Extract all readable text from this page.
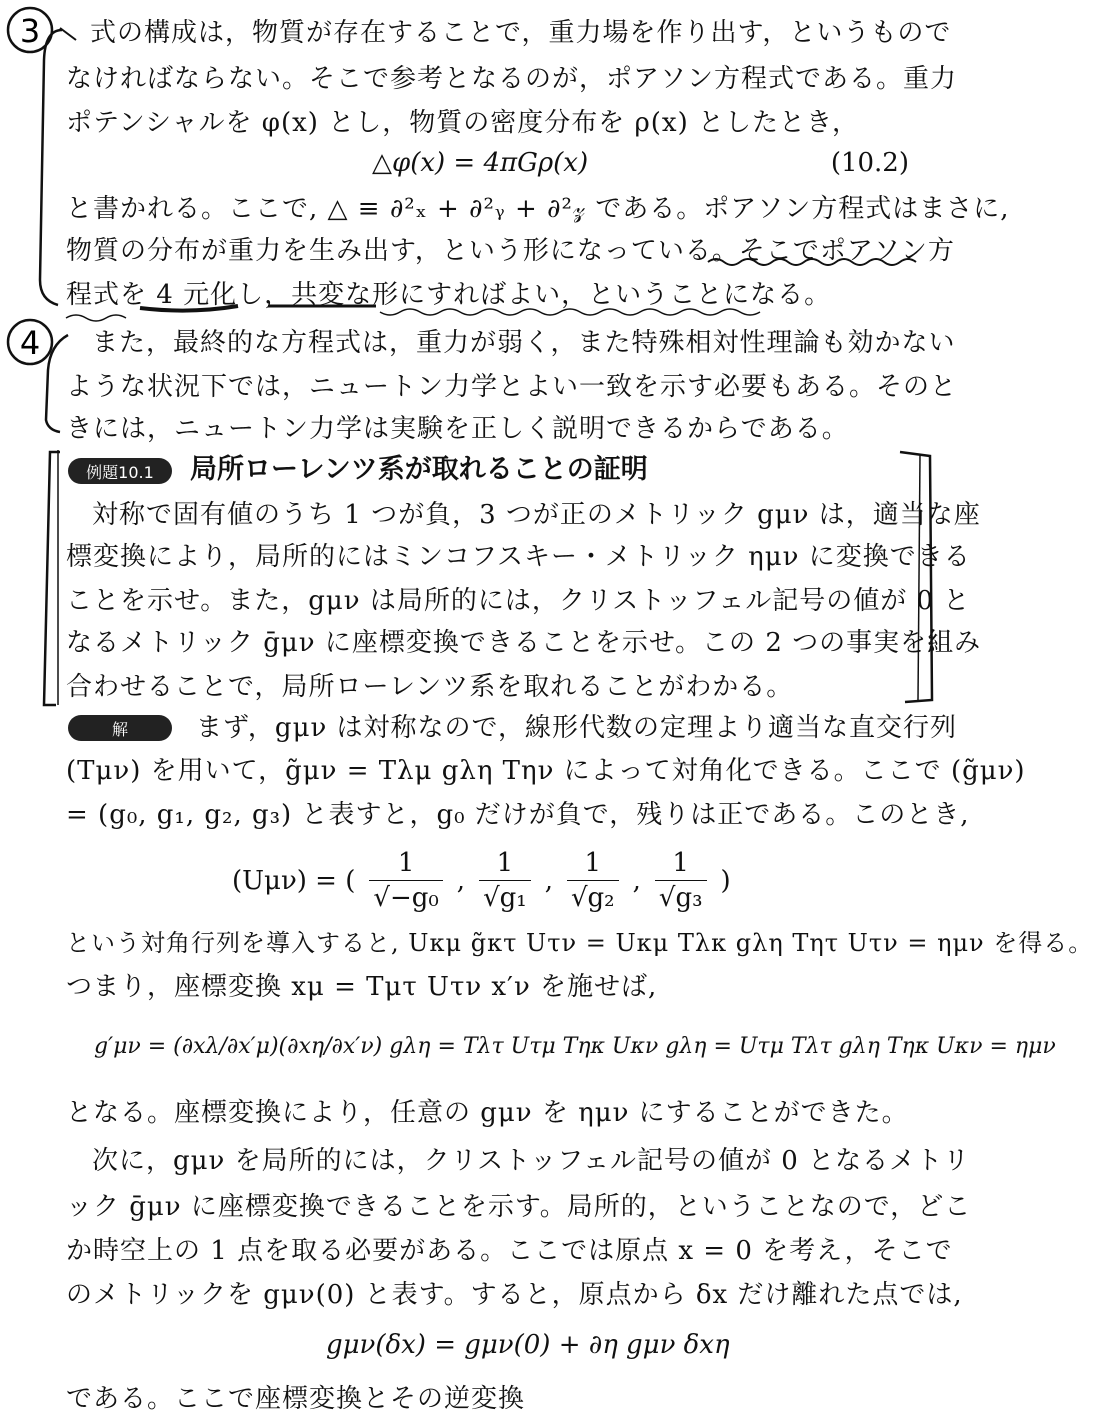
3
4
式の構成は，物質が存在することで，重力場を作り出す，というもので
なければならない。そこで参考となるのが，ポアソン方程式である。重力
ポテンシャルを φ(x) とし，物質の密度分布を ρ(x) としたとき，
△φ(x) = 4πGρ(x)	(10.2)
と書かれる。ここで, △ ≡ ∂²ₓ + ∂²ᵧ + ∂²𝓏 である。ポアソン方程式はまさに,
物質の分布が重力を生み出す，という形になっている。そこでポアソン方
程式を 4 元化し，共変な形にすればよい，ということになる。
また，最終的な方程式は，重力が弱く，また特殊相対性理論も効かない
ような状況下では，ニュートン力学とよい一致を示す必要もある。そのと
きには，ニュートン力学は実験を正しく説明できるからである。
例題10.1	局所ローレンツ系が取れることの証明
対称で固有値のうち 1 つが負，3 つが正のメトリック gμν は，適当な座
標変換により，局所的にはミンコフスキー・メトリック ημν に変換できる
ことを示せ。また，gμν は局所的には，クリストッフェル記号の値が 0 と
なるメトリック ḡμν に座標変換できることを示せ。この 2 つの事実を組み
合わせることで，局所ローレンツ系を取れることがわかる。
解	まず，gμν は対称なので，線形代数の定理より適当な直交行列
(Tμν) を用いて，g̃μν = Tλμ gλη Tην によって対角化できる。ここで (g̃μν)
= (g₀, g₁, g₂, g₃) と表すと，g₀ だけが負で，残りは正である。このとき,
(Uμν) = ( $\frac{1}{\text{√−g₀}}$ , $\frac{1}{\text{√g₁}}$ , $\frac{1}{\text{√g₂}}$ , $\frac{1}{\text{√g₃}}$ )
という対角行列を導入すると, Uκμ g̃κτ Uτν = Uκμ Tλκ gλη Tητ Uτν = ημν を得る。
つまり，座標変換 xμ = Tμτ Uτν x′ν を施せば,
g′μν = (∂xλ/∂x′μ)(∂xη/∂x′ν) gλη = Tλτ Uτμ Tηκ Uκν gλη = Uτμ Tλτ gλη Tηκ Uκν = ημν
となる。座標変換により，任意の gμν を ημν にすることができた。
次に，gμν を局所的には，クリストッフェル記号の値が 0 となるメトリ
ック ḡμν に座標変換できることを示す。局所的，ということなので，どこ
か時空上の 1 点を取る必要がある。ここでは原点 x = 0 を考え，そこで
のメトリックを gμν(0) と表す。すると，原点から δx だけ離れた点では,
gμν(δx) = gμν(0) + ∂η gμν δxη
である。ここで座標変換とその逆変換
